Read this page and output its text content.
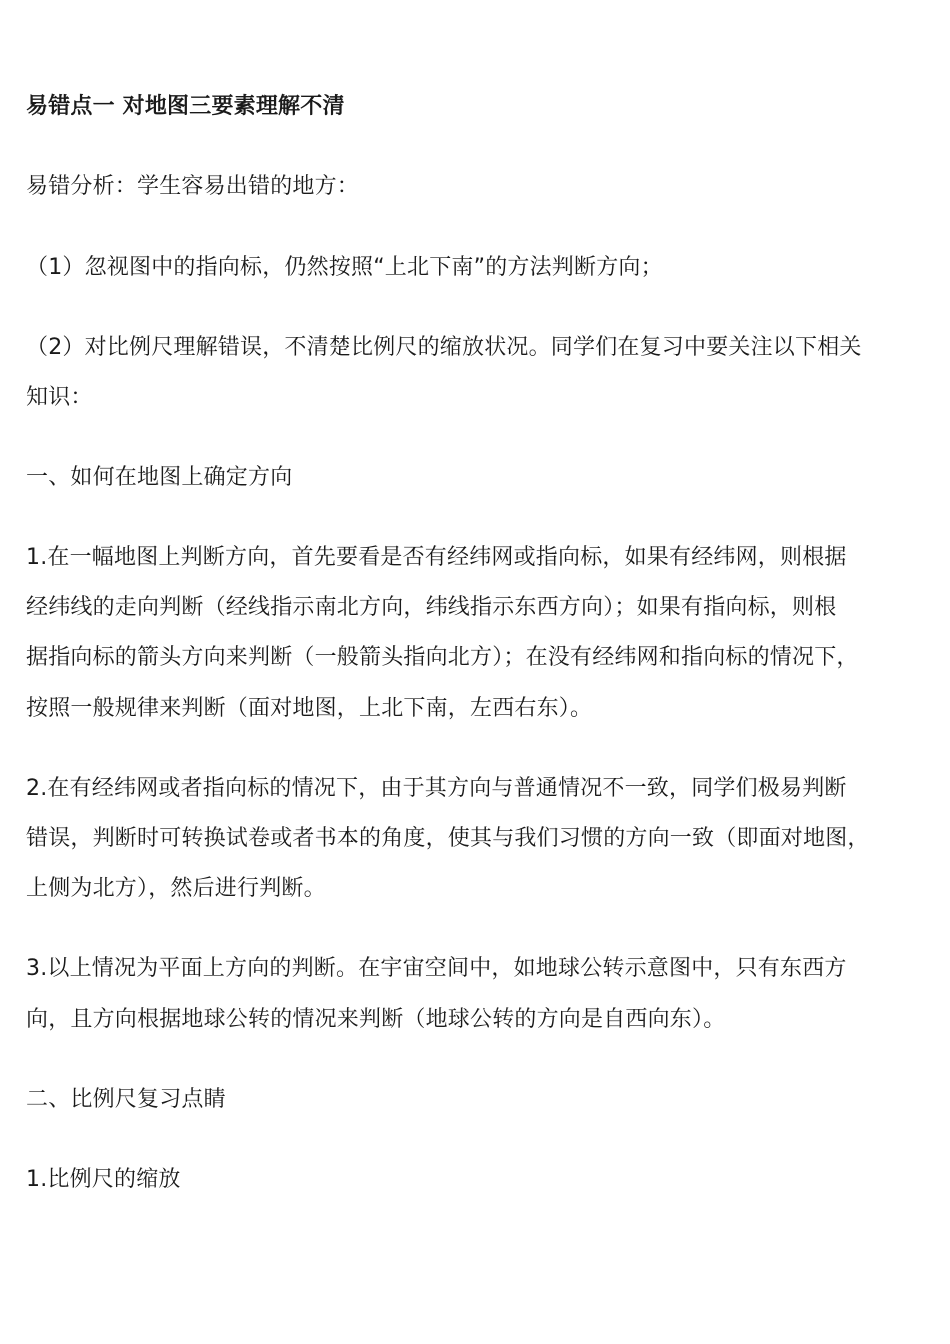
易错点一 对地图三要素理解不清
易错分析：学生容易出错的地方：
（1）忽视图中的指向标，仍然按照“上北下南”的方法判断方向；
（2）对比例尺理解错误，不清楚比例尺的缩放状况。同学们在复习中要关注以下相关
知识：
一、如何在地图上确定方向
1.在一幅地图上判断方向，首先要看是否有经纬网或指向标，如果有经纬网，则根据
经纬线的走向判断（经线指示南北方向，纬线指示东西方向）；如果有指向标，则根
据指向标的箭头方向来判断（一般箭头指向北方）；在没有经纬网和指向标的情况下，
按照一般规律来判断（面对地图，上北下南，左西右东）。
2.在有经纬网或者指向标的情况下，由于其方向与普通情况不一致，同学们极易判断
错误，判断时可转换试卷或者书本的角度，使其与我们习惯的方向一致（即面对地图，
上侧为北方），然后进行判断。
3.以上情况为平面上方向的判断。在宇宙空间中，如地球公转示意图中，只有东西方
向，且方向根据地球公转的情况来判断（地球公转的方向是自西向东）。
二、比例尺复习点睛
1.比例尺的缩放
